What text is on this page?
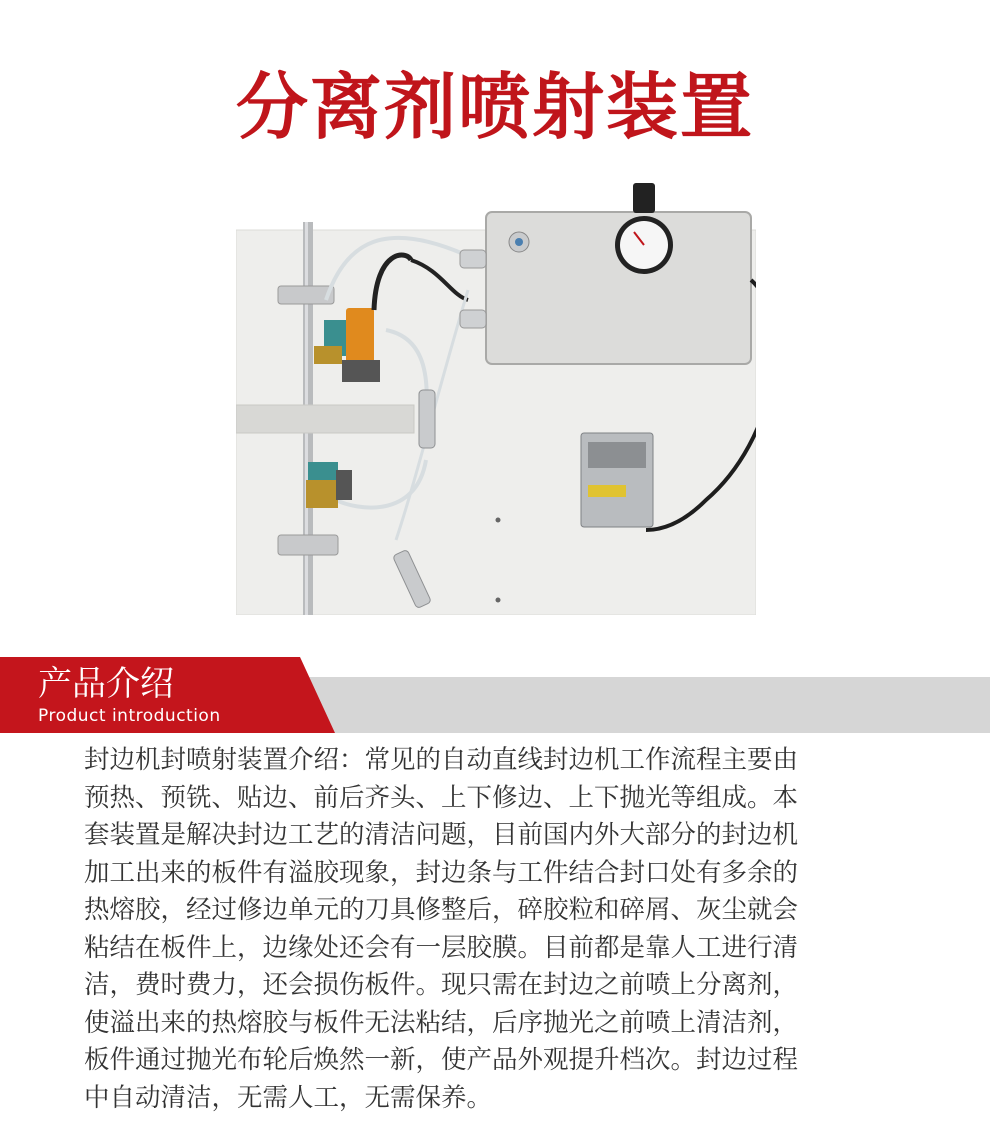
分离剂喷射装置
产品介绍
Product introduction
封边机封喷射装置介绍：常见的自动直线封边机工作流程主要由
预热、预铣、贴边、前后齐头、上下修边、上下抛光等组成。本
套装置是解决封边工艺的清洁问题，目前国内外大部分的封边机
加工出来的板件有溢胶现象，封边条与工件结合封口处有多余的
热熔胶，经过修边单元的刀具修整后，碎胶粒和碎屑、灰尘就会
粘结在板件上，边缘处还会有一层胶膜。目前都是靠人工进行清
洁，费时费力，还会损伤板件。现只需在封边之前喷上分离剂，
使溢出来的热熔胶与板件无法粘结，后序抛光之前喷上清洁剂，
板件通过抛光布轮后焕然一新，使产品外观提升档次。封边过程
中自动清洁，无需人工，无需保养。
